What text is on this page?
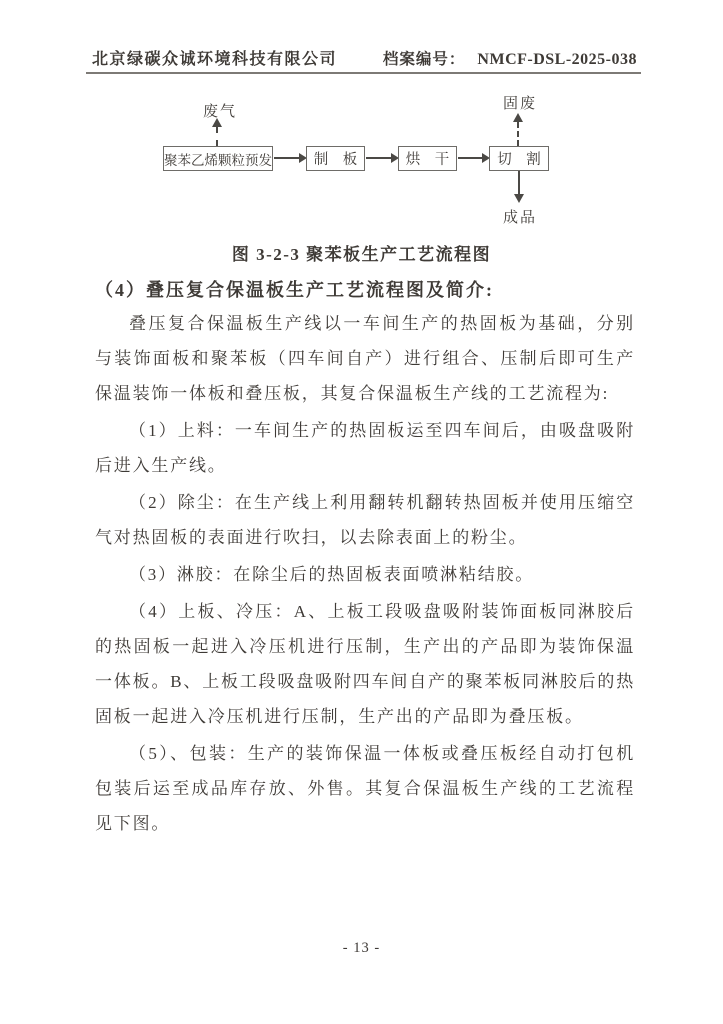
北京绿碳众诚环境科技有限公司	档案编号： NMCF-DSL-2025-038
废气
聚苯乙烯颗粒预发	制　板	烘　干	切　割
固废
成品
图 3-2-3 聚苯板生产工艺流程图
（4）叠压复合保温板生产工艺流程图及简介:

叠压复合保温板生产线以一车间生产的热固板为基础，分别与装饰面板和聚苯板（四车间自产）进行组合、压制后即可生产保温装饰一体板和叠压板，其复合保温板生产线的工艺流程为:

（1）上料：一车间生产的热固板运至四车间后，由吸盘吸附后进入生产线。

（2）除尘：在生产线上利用翻转机翻转热固板并使用压缩空气对热固板的表面进行吹扫，以去除表面上的粉尘。

（3）淋胶：在除尘后的热固板表面喷淋粘结胶。

（4）上板、冷压：A、上板工段吸盘吸附装饰面板同淋胶后的热固板一起进入冷压机进行压制，生产出的产品即为装饰保温一体板。B、上板工段吸盘吸附四车间自产的聚苯板同淋胶后的热固板一起进入冷压机进行压制，生产出的产品即为叠压板。

（5）、包装：生产的装饰保温一体板或叠压板经自动打包机包装后运至成品库存放、外售。其复合保温板生产线的工艺流程见下图。

- 13 -
